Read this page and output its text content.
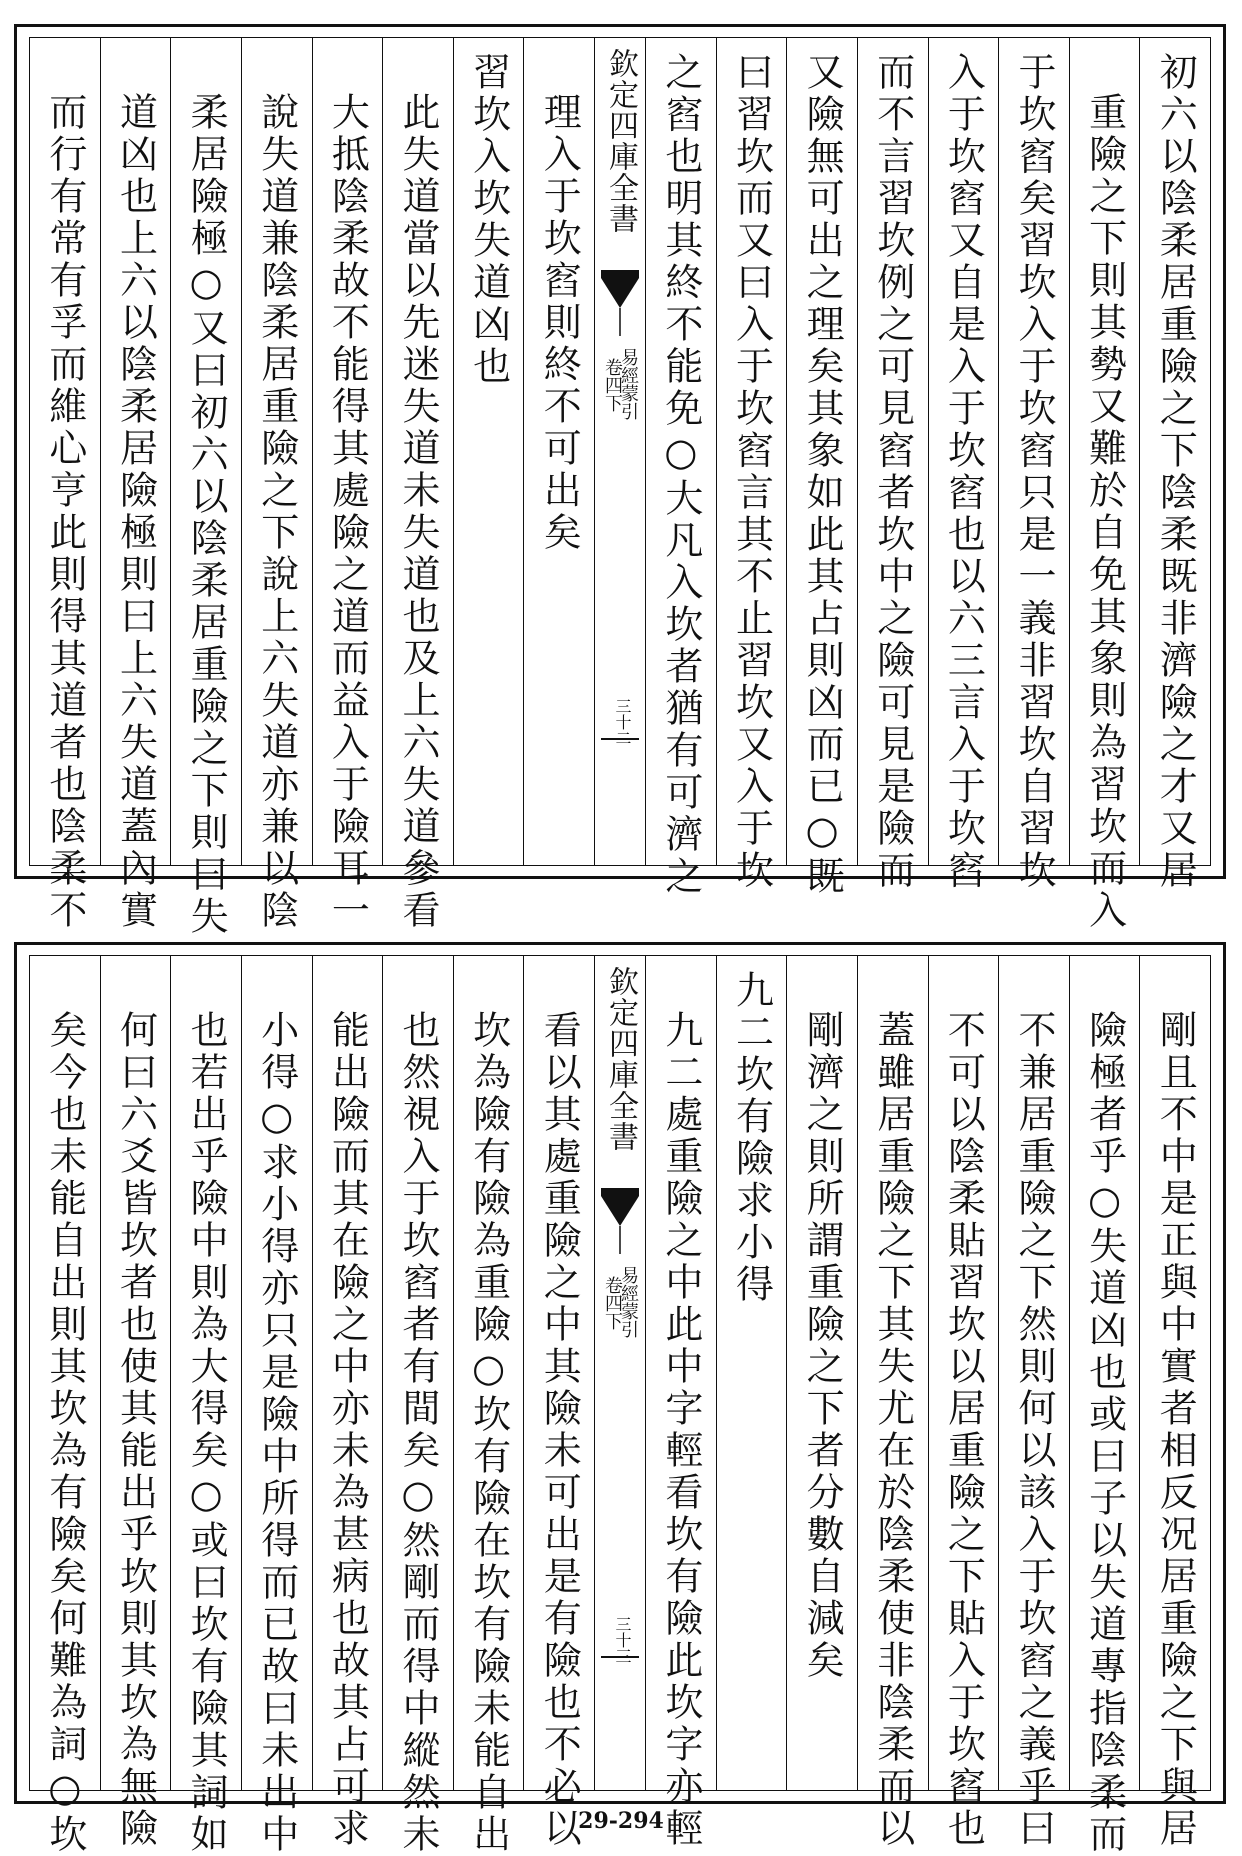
初六以陰柔居重險之下陰柔既非濟險之才又居
重險之下則其勢又難於自免其象則為習坎而入
于坎窞矣習坎入于坎窞只是一義非習坎自習坎
入于坎窞又自是入于坎窞也以六三言入于坎窞
而不言習坎例之可見窞者坎中之險可見是險而
又險無可出之理矣其象如此其占則凶而已○既
曰習坎而又曰入于坎窞言其不止習坎又入于坎
之窞也明其終不能免○大凡入坎者猶有可濟之
欽定四庫全書
易經蒙引
卷四下
三十二
理入于坎窞則終不可出矣
習坎入坎失道凶也
此失道當以先迷失道未失道也及上六失道參看
大抵陰柔故不能得其處險之道而益入于險耳一
說失道兼陰柔居重險之下說上六失道亦兼以陰
柔居險極○又曰初六以陰柔居重險之下則曰失
道凶也上六以陰柔居險極則曰上六失道蓋內實
而行有常有孚而維心亨此則得其道者也陰柔不
剛且不中是正與中實者相反况居重險之下與居
險極者乎○失道凶也或曰子以失道專指陰柔而
不兼居重險之下然則何以該入于坎窞之義乎曰
不可以陰柔貼習坎以居重險之下貼入于坎窞也
蓋雖居重險之下其失尤在於陰柔使非陰柔而以
剛濟之則所謂重險之下者分數自減矣
九二坎有險求小得
九二處重險之中此中字輕看坎有險此坎字亦輕
欽定四庫全書
易經蒙引
卷四下
三十三
看以其處重險之中其險未可出是有險也不必以
坎為險有險為重險○坎有險在坎有險未能自出
也然視入于坎窞者有間矣○然剛而得中縱然未
能出險而其在險之中亦未為甚病也故其占可求
小得○求小得亦只是險中所得而已故曰未出中
也若出乎險中則為大得矣○或曰坎有險其詞如
何曰六爻皆坎者也使其能出乎坎則其坎為無險
矣今也未能自出則其坎為有險矣何難為詞○坎	29-294
